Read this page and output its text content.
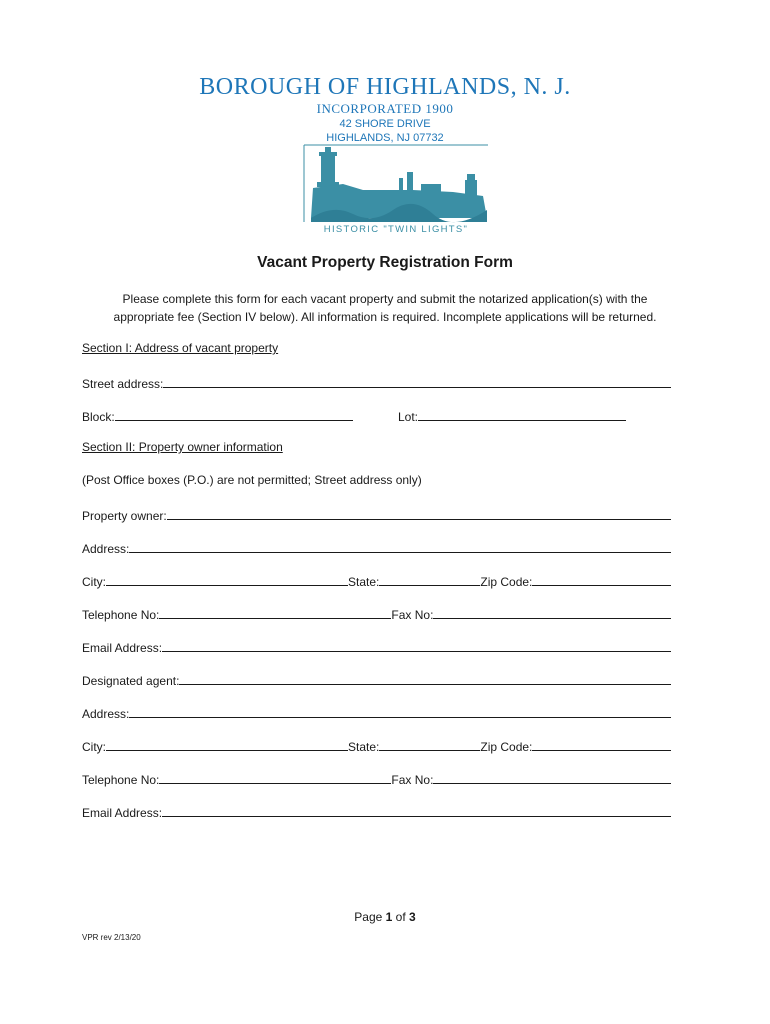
BOROUGH OF HIGHLANDS, N. J.
INCORPORATED 1900
42 SHORE DRIVE
HIGHLANDS, NJ 07732
HISTORIC "TWIN LIGHTS"
Vacant Property Registration Form
Please complete this form for each vacant property and submit the notarized application(s) with the
appropriate fee (Section IV below). All information is required. Incomplete applications will be returned.
Section I: Address of vacant property
Street address:
Block:	Lot:
Section II: Property owner information
(Post Office boxes (P.O.) are not permitted; Street address only)
Property owner:
Address:
City:	State:	Zip Code:
Telephone No:	Fax No:
Email Address:
Designated agent:
Address:
City:	State:	Zip Code:
Telephone No:	Fax No:
Email Address:
Page 1 of 3
VPR rev 2/13/20
